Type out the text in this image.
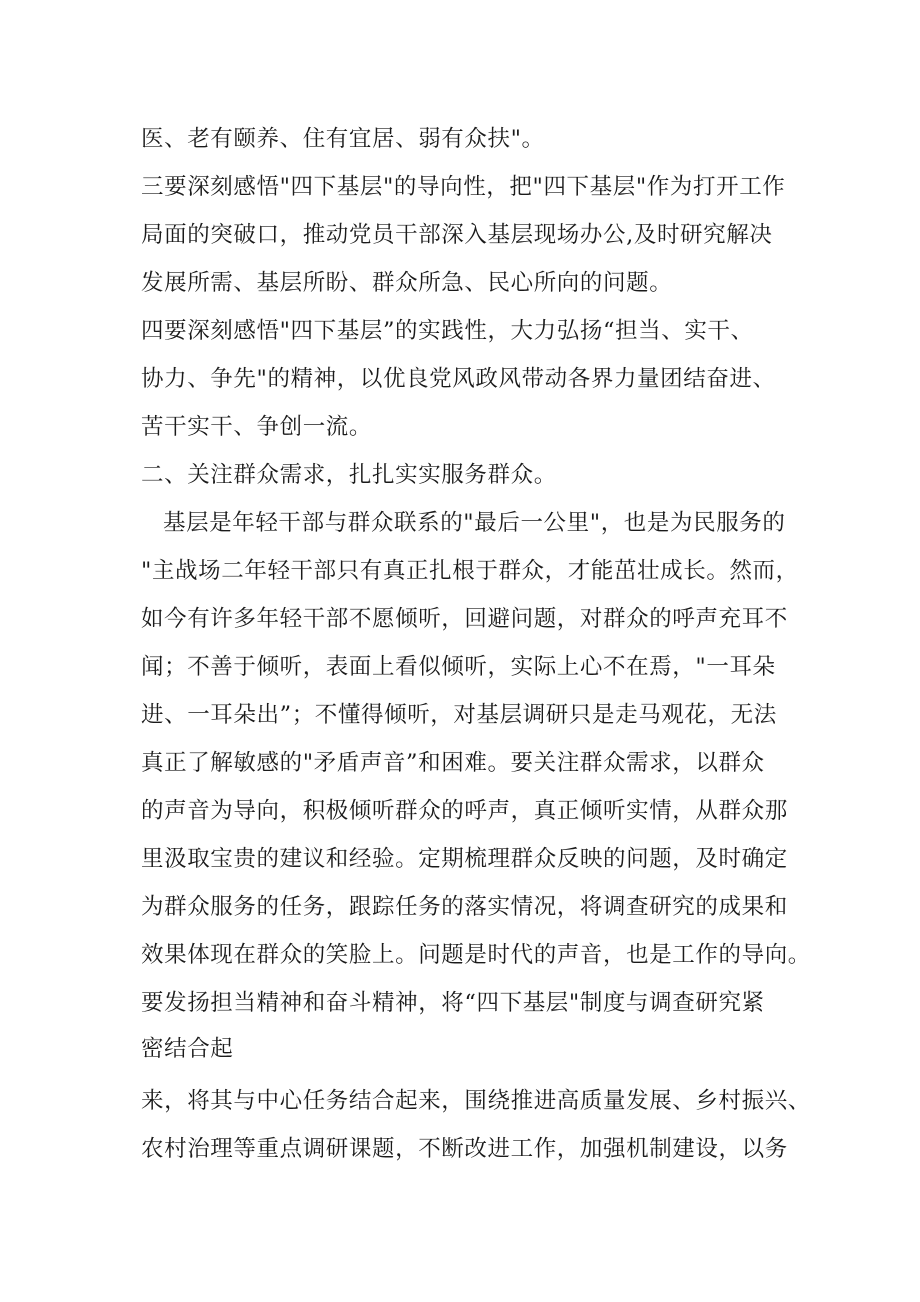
医、老有颐养、住有宜居、弱有众扶"。
三要深刻感悟"四下基层"的导向性，把"四下基层"作为打开工作
局面的突破口，推动党员干部深入基层现场办公,及时研究解决
发展所需、基层所盼、群众所急、民心所向的问题。
四要深刻感悟"四下基层”的实践性，大力弘扬“担当、实干、
协力、争先"的精神，以优良党风政风带动各界力量团结奋进、
苦干实干、争创一流。
二、关注群众需求，扎扎实实服务群众。
基层是年轻干部与群众联系的"最后一公里"，也是为民服务的
"主战场二年轻干部只有真正扎根于群众，才能茁壮成长。然而，
如今有许多年轻干部不愿倾听，回避问题，对群众的呼声充耳不
闻；不善于倾听，表面上看似倾听，实际上心不在焉，"一耳朵
进、一耳朵出”；不懂得倾听，对基层调研只是走马观花，无法
真正了解敏感的"矛盾声音”和困难。要关注群众需求，以群众
的声音为导向，积极倾听群众的呼声，真正倾听实情，从群众那
里汲取宝贵的建议和经验。定期梳理群众反映的问题，及时确定
为群众服务的任务，跟踪任务的落实情况，将调查研究的成果和
效果体现在群众的笑脸上。问题是时代的声音，也是工作的导向。
要发扬担当精神和奋斗精神，将“四下基层"制度与调查研究紧
密结合起
来，将其与中心任务结合起来，围绕推进高质量发展、乡村振兴、
农村治理等重点调研课题，不断改进工作，加强机制建设，以务
